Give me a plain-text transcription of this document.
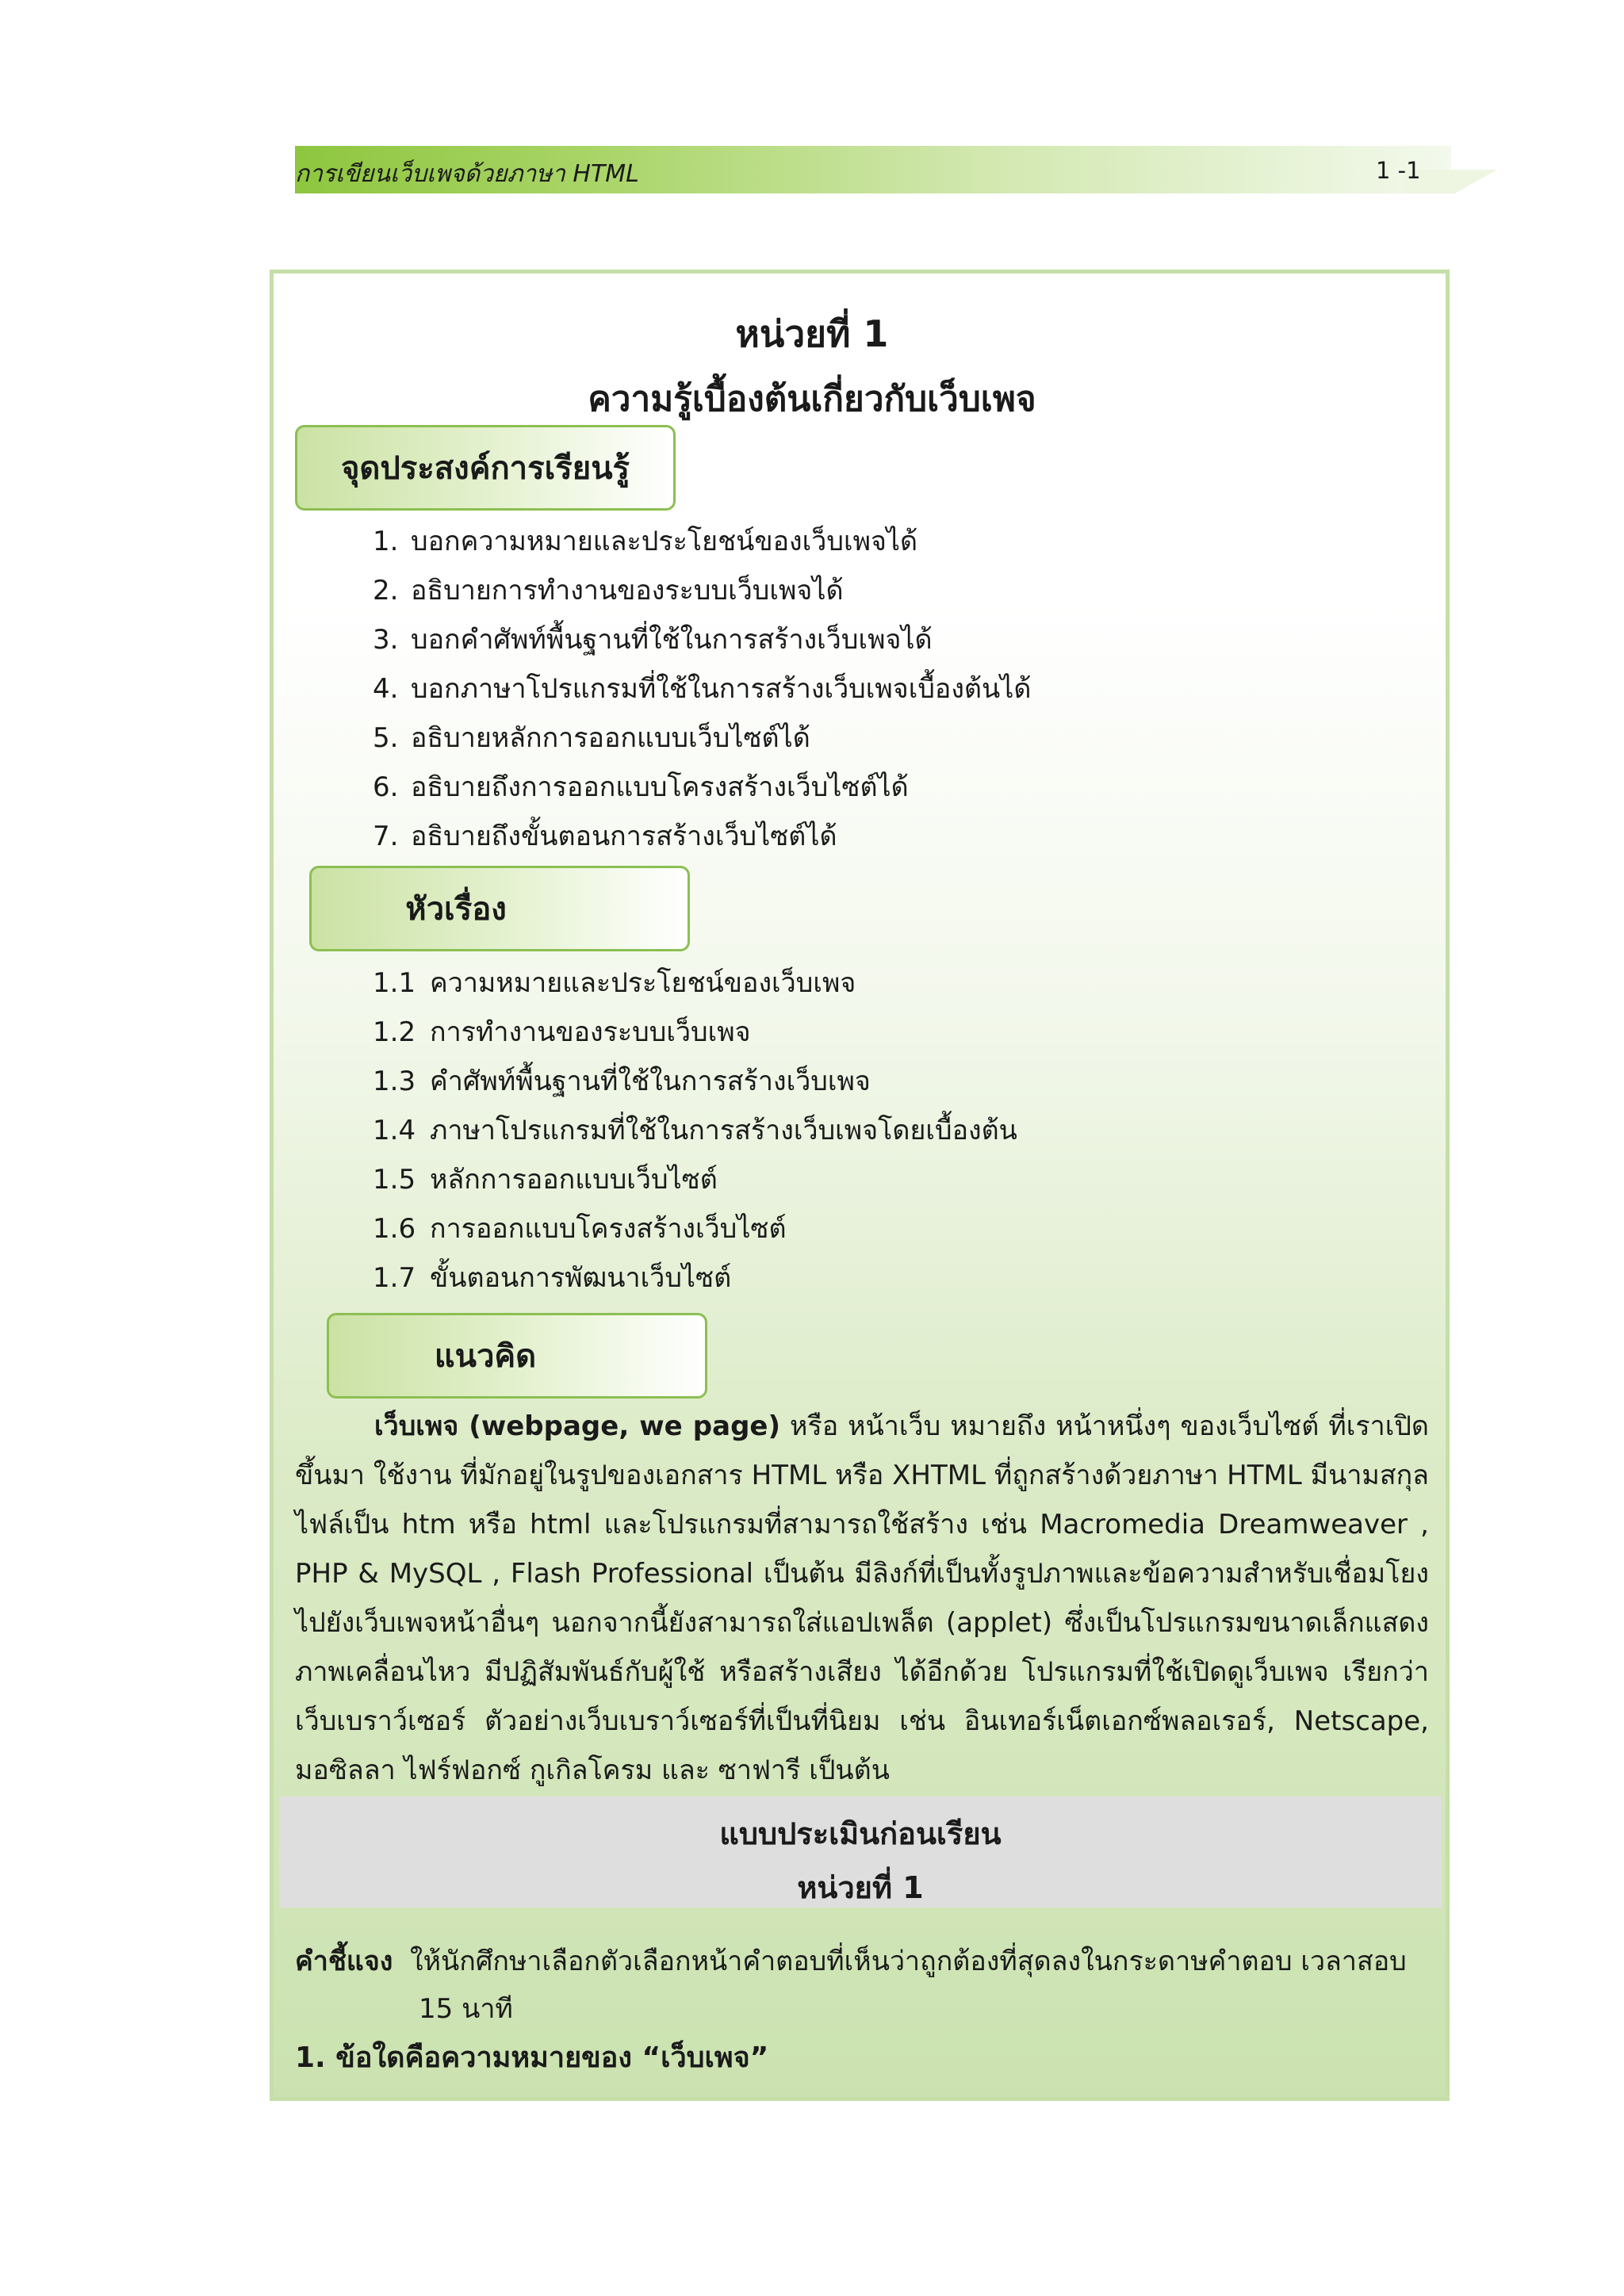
การเขียนเว็บเพจด้วยภาษา HTML	1 -1
หน่วยที่ 1
ความรู้เบื้องต้นเกี่ยวกับเว็บเพจ
จุดประสงค์การเรียนรู้
1. บอกความหมายและประโยชน์ของเว็บเพจได้
2. อธิบายการทำงานของระบบเว็บเพจได้
3. บอกคำศัพท์พื้นฐานที่ใช้ในการสร้างเว็บเพจได้
4. บอกภาษาโปรแกรมที่ใช้ในการสร้างเว็บเพจเบื้องต้นได้
5. อธิบายหลักการออกแบบเว็บไซต์ได้
6. อธิบายถึงการออกแบบโครงสร้างเว็บไซต์ได้
7. อธิบายถึงขั้นตอนการสร้างเว็บไซต์ได้
หัวเรื่อง
1.1 ความหมายและประโยชน์ของเว็บเพจ
1.2 การทำงานของระบบเว็บเพจ
1.3 คำศัพท์พื้นฐานที่ใช้ในการสร้างเว็บเพจ
1.4 ภาษาโปรแกรมที่ใช้ในการสร้างเว็บเพจโดยเบื้องต้น
1.5 หลักการออกแบบเว็บไซต์
1.6 การออกแบบโครงสร้างเว็บไซต์
1.7 ขั้นตอนการพัฒนาเว็บไซต์
แนวคิด
เว็บเพจ (webpage, we page) หรือ หน้าเว็บ หมายถึง หน้าหนึ่งๆ ของเว็บไซต์ ที่เราเปิดขึ้นมา ใช้งาน ที่มักอยู่ในรูปของเอกสาร HTML หรือ XHTML ที่ถูกสร้างด้วยภาษา HTML มีนามสกุลไฟล์เป็น htm หรือ html และโปรแกรมที่สามารถใช้สร้าง เช่น Macromedia Dreamweaver , PHP & MySQL , Flash Professional เป็นต้น มีลิงก์ที่เป็นทั้งรูปภาพและข้อความสำหรับเชื่อมโยงไปยังเว็บเพจหน้าอื่นๆ นอกจากนี้ยังสามารถใส่แอปเพล็ต (applet) ซึ่งเป็นโปรแกรมขนาดเล็กแสดงภาพเคลื่อนไหว มีปฏิสัมพันธ์กับผู้ใช้ หรือสร้างเสียง ได้อีกด้วย โปรแกรมที่ใช้เปิดดูเว็บเพจ เรียกว่า เว็บเบราว์เซอร์ ตัวอย่างเว็บเบราว์เซอร์ที่เป็นที่นิยม เช่น อินเทอร์เน็ตเอกซ์พลอเรอร์, Netscape, มอซิลลา ไฟร์ฟอกซ์ กูเกิลโครม และ ซาฟารี เป็นต้น
แบบประเมินก่อนเรียน
หน่วยที่ 1
คำชี้แจง ให้นักศึกษาเลือกตัวเลือกหน้าคำตอบที่เห็นว่าถูกต้องที่สุดลงในกระดาษคำตอบ เวลาสอบ
15 นาที
1. ข้อใดคือความหมายของ “เว็บเพจ”
